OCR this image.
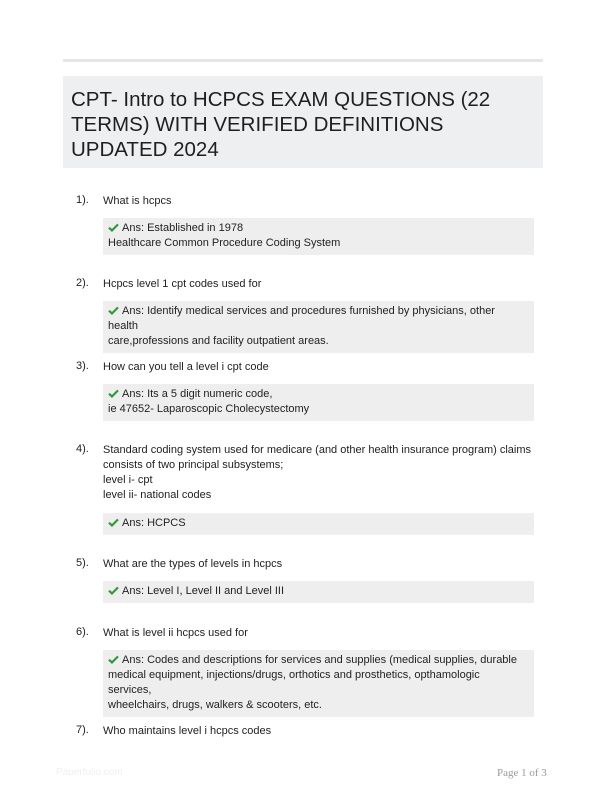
CPT- Intro to HCPCS EXAM QUESTIONS (22 TERMS) WITH VERIFIED DEFINITIONS UPDATED 2024
1). What is hcpcs
Ans: Established in 1978
Healthcare Common Procedure Coding System
2). Hcpcs level 1 cpt codes used for
Ans: Identify medical services and procedures furnished by physicians, other health
care,professions and facility outpatient areas.
3). How can you tell a level i cpt code
Ans: Its a 5 digit numeric code,
ie 47652- Laparoscopic Cholecystectomy
4). Standard coding system used for medicare (and other health insurance program) claims
consists of two principal subsystems;
level i- cpt
level ii- national codes
Ans: HCPCS
5). What are the types of levels in hcpcs
Ans: Level I, Level II and Level III
6). What is level ii hcpcs used for
Ans: Codes and descriptions for services and supplies (medical supplies, durable
medical equipment, injections/drugs, orthotics and prosthetics, opthamologic services,
wheelchairs, drugs, walkers & scooters, etc.
7). Who maintains level i hcpcs codes
Paperfolio.com	Page 1 of 3
